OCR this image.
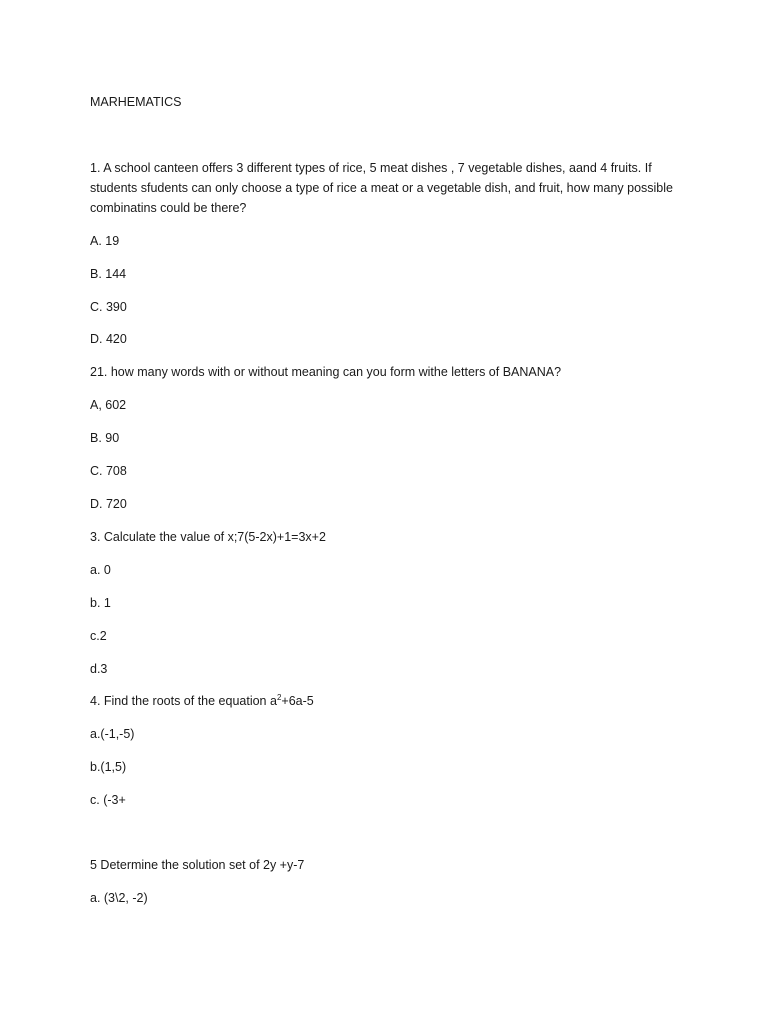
MARHEMATICS
1. A school canteen offers 3 different types of rice, 5 meat dishes , 7 vegetable dishes, aand 4 fruits. If students sfudents can only choose a type of rice a meat or a vegetable dish, and fruit, how many possible combinatins could be there?
A. 19
B. 144
C. 390
D. 420
21. how many words with or without meaning can you form withe letters of BANANA?
A, 602
B. 90
C. 708
D. 720
3. Calculate the value of x;7(5-2x)+1=3x+2
a. 0
b. 1
c.2
d.3
4. Find the roots of the equation $a^2+6a-5$
a.(-1,-5)
b.(1,5)
c. (-3+
5 Determine the solution set of 2y +y-7
a. (3\2, -2)
